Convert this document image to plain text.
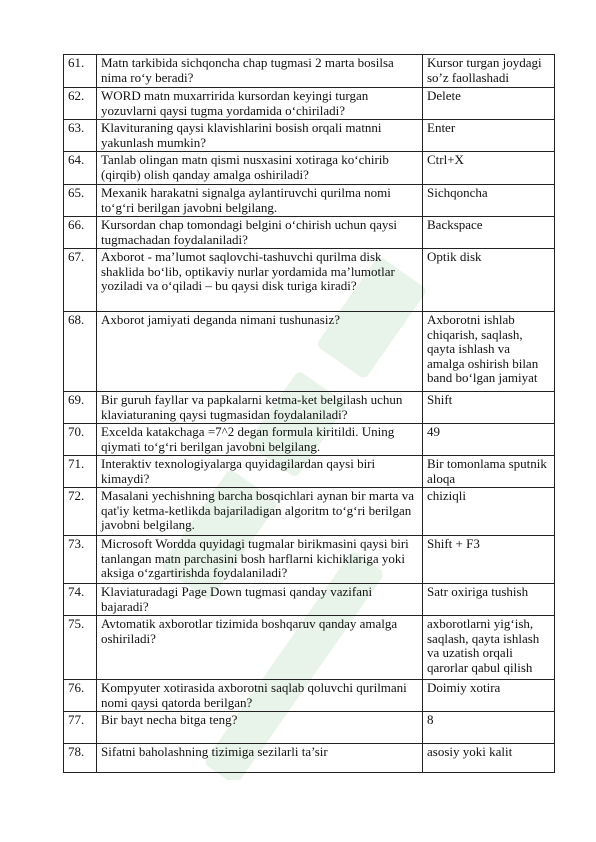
61.	Matn tarkibida sichqoncha chap tugmasi 2 marta bosilsa nima ro‘y beradi?	Kursor turgan joydagi so’z faollashadi
62.	WORD matn muxarririda kursordan keyingi turgan yozuvlarni qaysi tugma yordamida o‘chiriladi?	Delete
63.	Klaviturаning qaysi klavishlarini bosish orqali matnni yakunlash mumkin?	Enter
64.	Tanlab olingan matn qismi nusxasini xotiraga ko‘chirib (qirqib) olish qanday amalga oshiriladi?	Ctrl+X
65.	Mexanik harakatni signalga aylantiruvchi qurilma nomi to‘g‘ri berilgan javobni belgilang.	Sichqoncha
66.	Kursordan chap tomondagi belgini o‘chirish uchun qaysi tugmachadan foydalaniladi?	Backspace
67.	Axborot - ma’lumot saqlovchi-tashuvchi qurilma disk shaklida bo‘lib, optikaviy nurlar yordamida ma’lumotlar yoziladi va o‘qiladi – bu qaysi disk turiga kiradi?	Optik disk
68.	Axborot jamiyati deganda nimani tushunasiz?	Axborotni ishlab chiqarish, saqlash, qayta ishlash va amalga oshirish bilan band bo‘lgan jamiyat
69.	Bir guruh fayllar va papkalarni ketma-ket belgilash uchun klaviaturaning qaysi tugmasidan foydalaniladi?	Shift
70.	Excelda katakchaga =7^2 degan formula kiritildi. Uning qiymati to‘g‘ri berilgan javobni belgilang.	49
71.	Interaktiv texnologiyalarga quyidagilardan qaysi biri kimaydi?	Bir tomonlama sputnik aloqa
72.	Masalani yechishning barcha bosqichlari aynan bir marta va qat'iy ketma-ketlikda bajariladigan algoritm to‘g‘ri berilgan javobni belgilang.	chiziqli
73.	Microsoft Wordda quyidagi tugmalar birikmasini qaysi biri tanlangan matn parchasini bosh harflarni kichiklariga yoki aksiga o‘zgartirishda foydalaniladi?	Shift + F3
74.	Klaviaturadagi Page Down tugmasi qanday vazifani bajaradi?	Satr oxiriga tushish
75.	Avtomatik axborotlar tizimida boshqaruv qanday amalga oshiriladi?	axborotlarni yig‘ish, saqlash, qayta ishlash va uzatish orqali qarorlar qabul qilish
76.	Kompyuter xotirasida axborotni saqlab qoluvchi qurilmani nomi qaysi qatorda berilgan?	Doimiy xotira
77.	Bir bayt necha bitga teng?	8
78.	Sifatni baholashning tizimiga sezilarli ta’sir	asosiy yoki kalit
